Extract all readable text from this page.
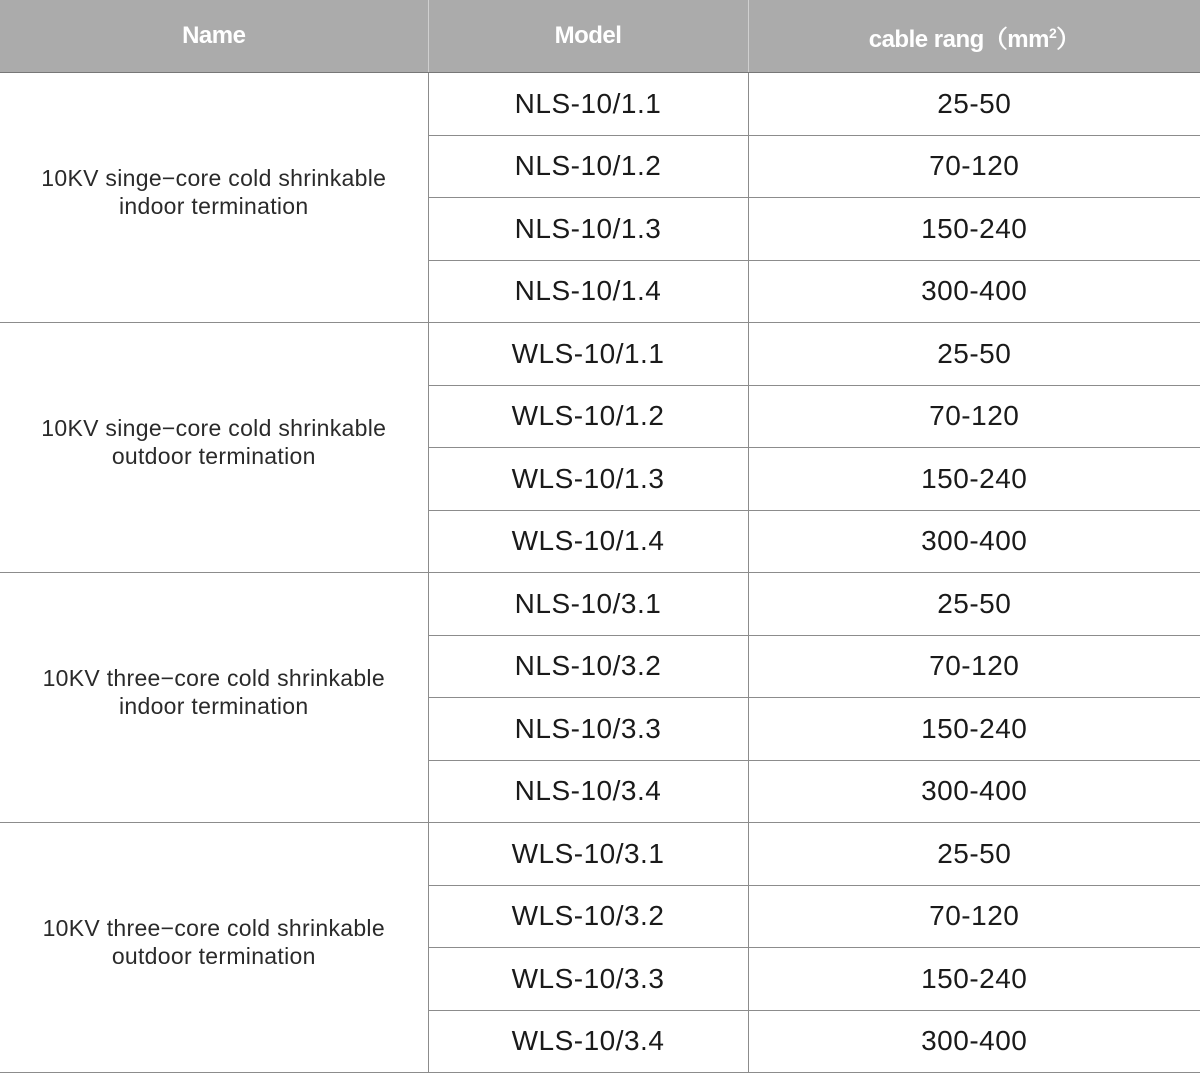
Name	Model	cable $rang(mm^2)$

10KV singe−core cold shrinkable
indoor termination	NLS-10/1.1	25-50
	NLS-10/1.2	70-120
	NLS-10/1.3	150-240
	NLS-10/1.4	300-400

10KV singe−core cold shrinkable
outdoor termination	WLS-10/1.1	25-50
	WLS-10/1.2	70-120
	WLS-10/1.3	150-240
	WLS-10/1.4	300-400

10KV three−core cold shrinkable
indoor termination	NLS-10/3.1	25-50
	NLS-10/3.2	70-120
	NLS-10/3.3	150-240
	NLS-10/3.4	300-400

10KV three−core cold shrinkable
outdoor termination	WLS-10/3.1	25-50
	WLS-10/3.2	70-120
	WLS-10/3.3	150-240
	WLS-10/3.4	300-400
